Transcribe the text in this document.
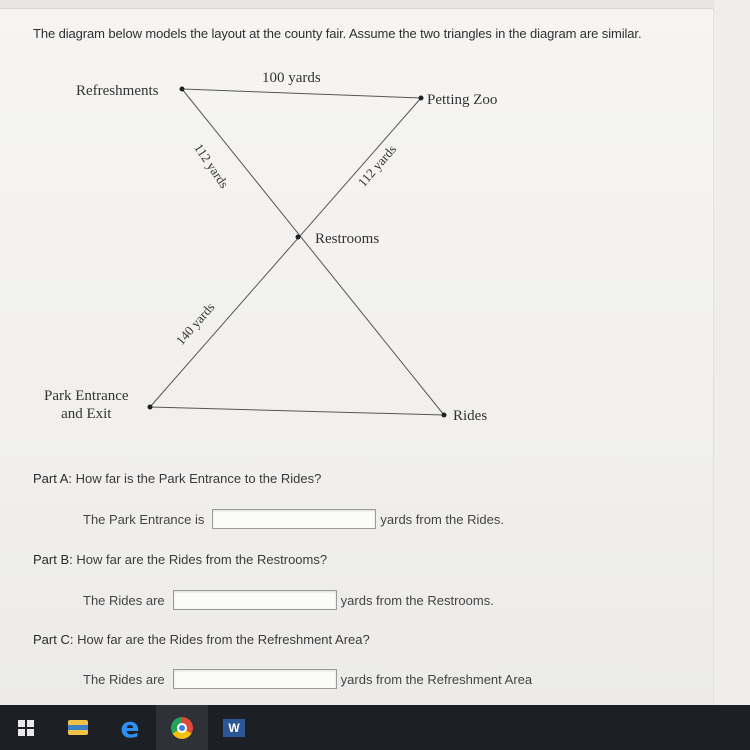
The diagram below models the layout at the county fair. Assume the two triangles in the diagram are similar.
Refreshments
Petting Zoo
Restrooms
Park Entrance
and Exit	Rides
100 yards
112 yards	112 yards
140 yards
Part A: How far is the Park Entrance to the Rides?
The Park Entrance is	yards from the Rides.
Part B: How far are the Rides from the Restrooms?
The Rides are	yards from the Restrooms.
Part C: How far are the Rides from the Refreshment Area?
The Rides are	yards from the Refreshment Area
e	W
